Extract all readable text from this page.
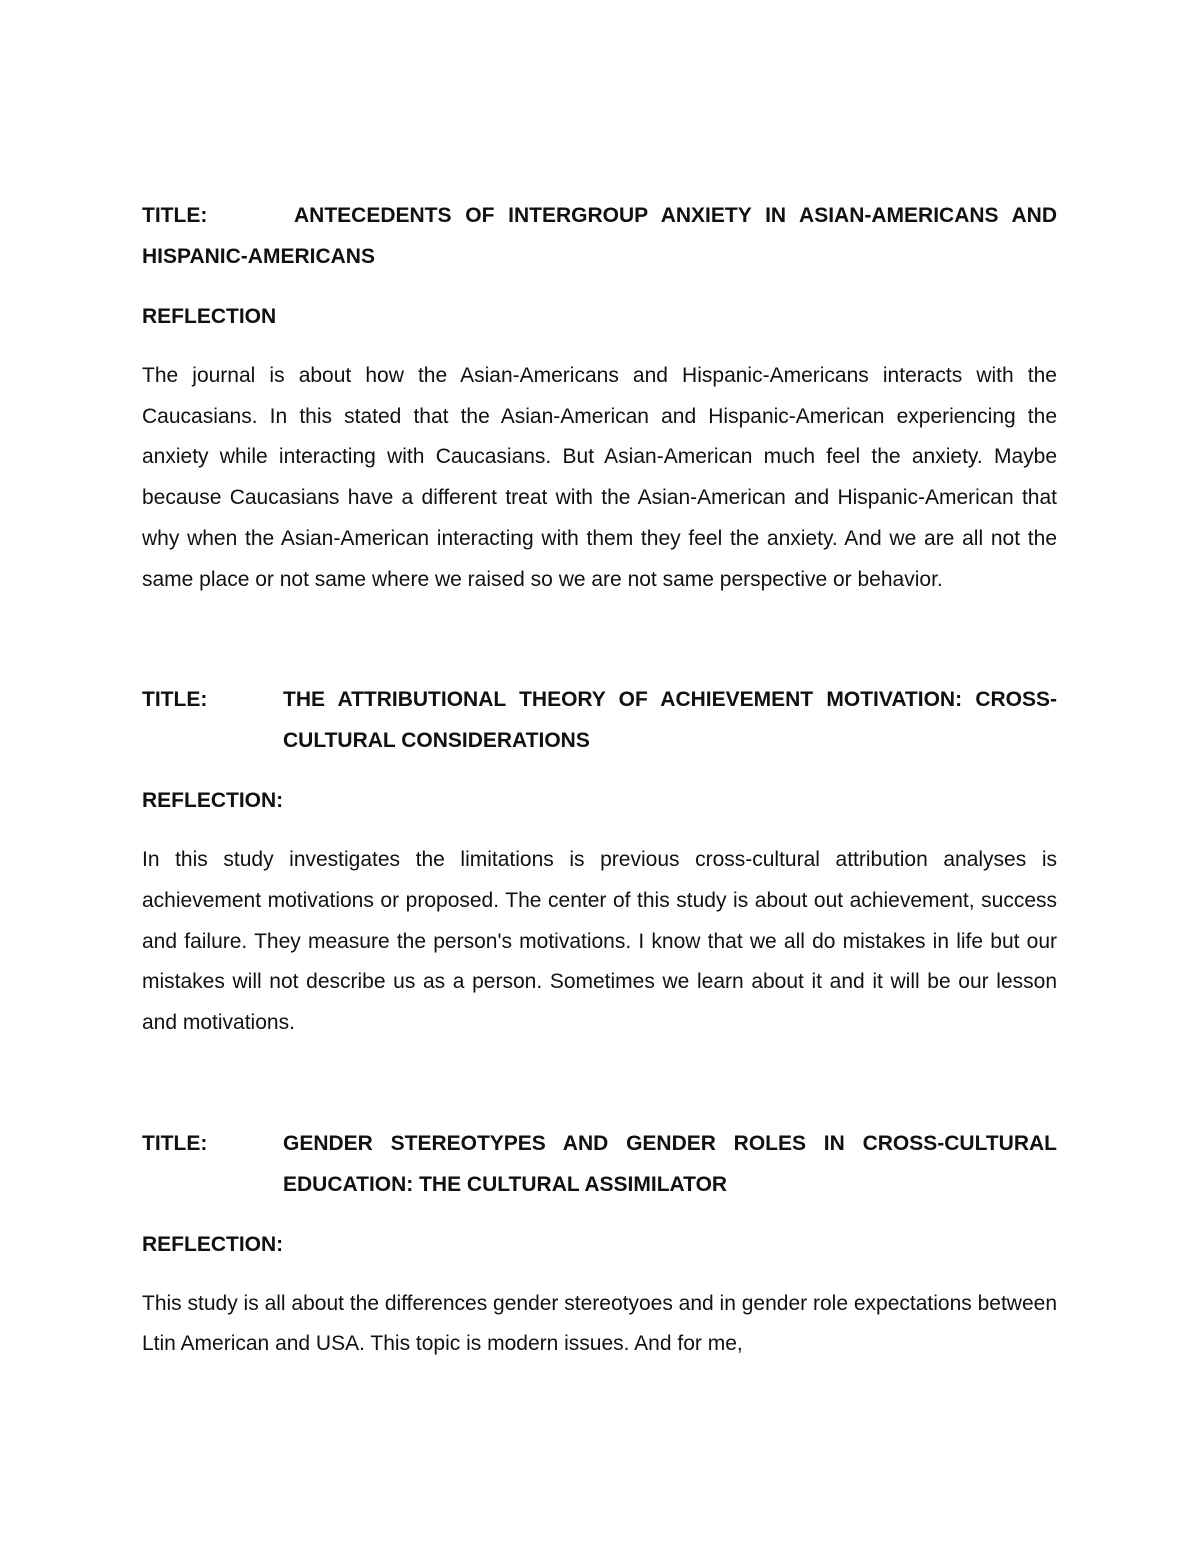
TITLE:	ANTECEDENTS OF INTERGROUP ANXIETY IN ASIAN-AMERICANS AND HISPANIC-AMERICANS

REFLECTION

The journal is about how the Asian-Americans and Hispanic-Americans interacts with the Caucasians. In this stated that the Asian-American and Hispanic-American experiencing the anxiety while interacting with Caucasians. But Asian-American much feel the anxiety. Maybe because Caucasians have a different treat with the Asian-American and Hispanic-American that why when the Asian-American interacting with them they feel the anxiety. And we are all not the same place or not same where we raised so we are not same perspective or behavior.

TITLE:	THE ATTRIBUTIONAL THEORY OF ACHIEVEMENT MOTIVATION: CROSS-CULTURAL CONSIDERATIONS
REFLECTION:

In this study investigates the limitations is previous cross-cultural attribution analyses is achievement motivations or proposed. The center of this study is about out achievement, success and failure. They measure the person's motivations. I know that we all do mistakes in life but our mistakes will not describe us as a person. Sometimes we learn about it and it will be our lesson and motivations.

TITLE:	GENDER STEREOTYPES AND GENDER ROLES IN CROSS-CULTURAL EDUCATION: THE CULTURAL ASSIMILATOR
REFLECTION:

This study is all about the differences gender stereotyoes and in gender role expectations between Ltin American and USA. This topic is modern issues. And for me,
